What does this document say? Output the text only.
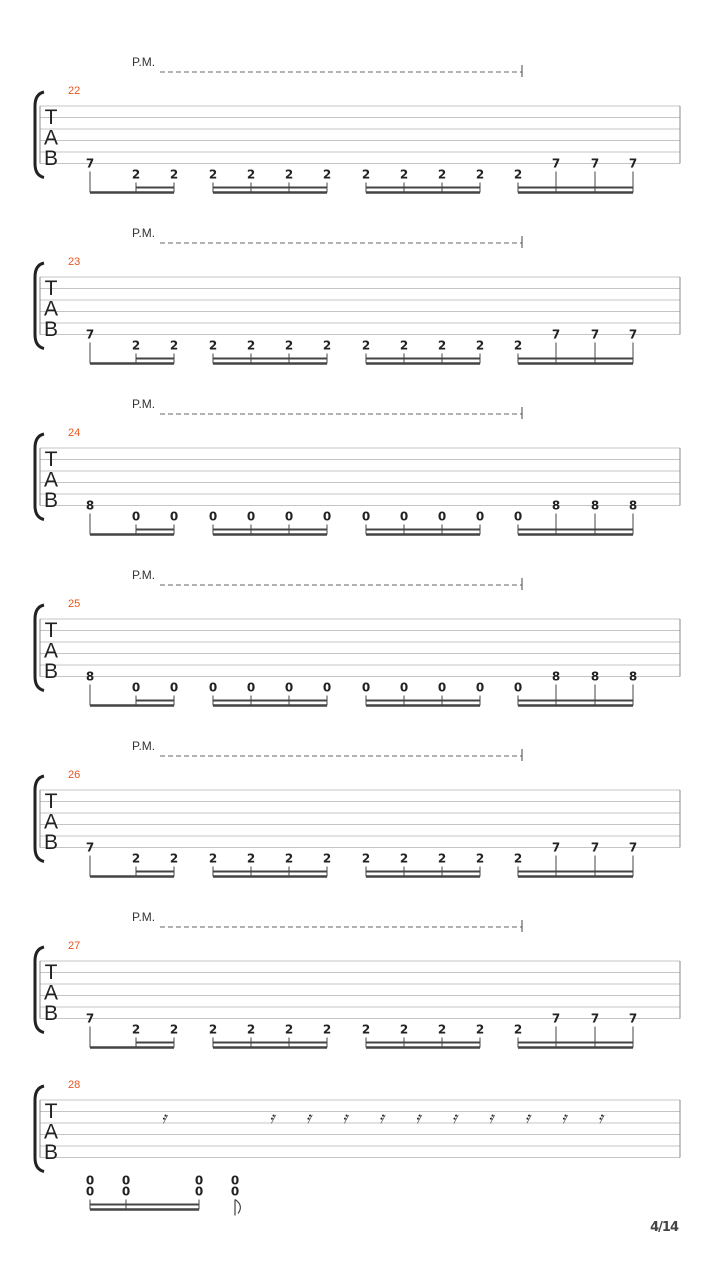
T
A
B
22
P.M.
7
2 2	2 2 2 2	2 2 2 2 2
7	7 7
T
A
B
23
P.M.
7
2 2	2 2 2 2	2 2 2 2 2
7	7 7
T
A
B
24
P.M.
8
0 0	0 0 0 0	0 0 0 0 0
8	8 8
T
A
B
25
P.M.
8
0 0	0 0 0 0	0 0 0 0 0
8	8 8
T
A
B
26
P.M.
7
2 2	2 2 2 2	2 2 2 2 2
7	7 7
T
A
B
27
P.M.
7
2 2	2 2 2 2	2 2 2 2 2
7	7 7
T
A
B
28
0
0
0
0
0
0
0
0
𝄿	𝄿 𝄿 𝄿 𝄿 𝄿 𝄿 𝄿 𝄿 𝄿 𝄿
4/14
